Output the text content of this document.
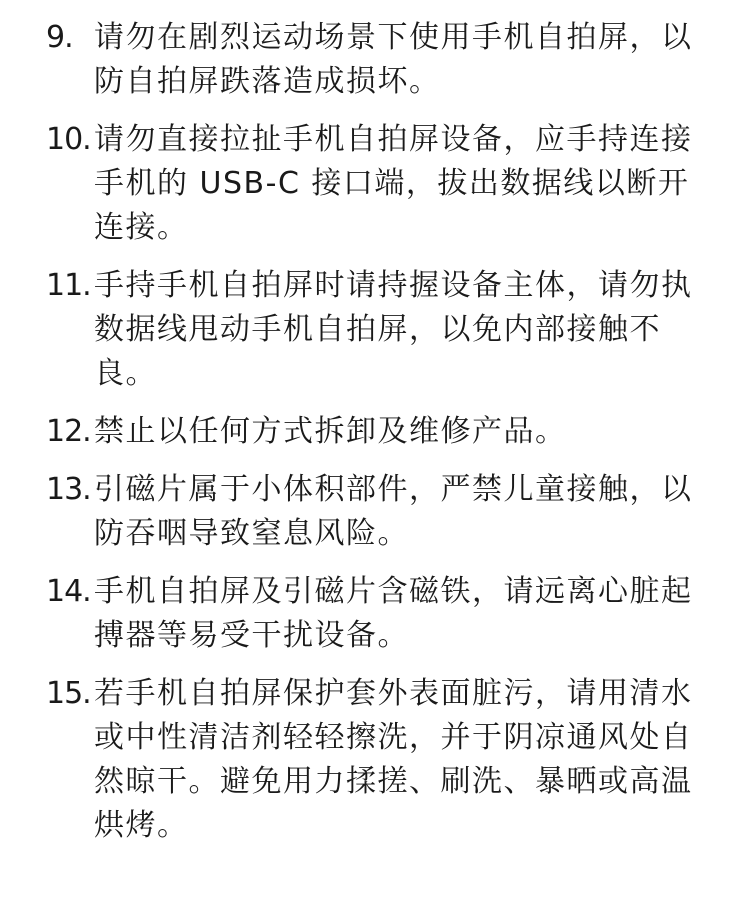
9. 请勿在剧烈运动场景下使用手机自拍屏，以防自拍屏跌落造成损坏。
10. 请勿直接拉扯手机自拍屏设备，应手持连接手机的 USB-C 接口端，拔出数据线以断开连接。
11. 手持手机自拍屏时请持握设备主体，请勿执数据线甩动手机自拍屏，以免内部接触不良。
12. 禁止以任何方式拆卸及维修产品。
13. 引磁片属于小体积部件，严禁儿童接触，以防吞咽导致窒息风险。
14. 手机自拍屏及引磁片含磁铁，请远离心脏起搏器等易受干扰设备。
15. 若手机自拍屏保护套外表面脏污，请用清水或中性清洁剂轻轻擦洗，并于阴凉通风处自然晾干。避免用力揉搓、刷洗、暴晒或高温烘烤。
